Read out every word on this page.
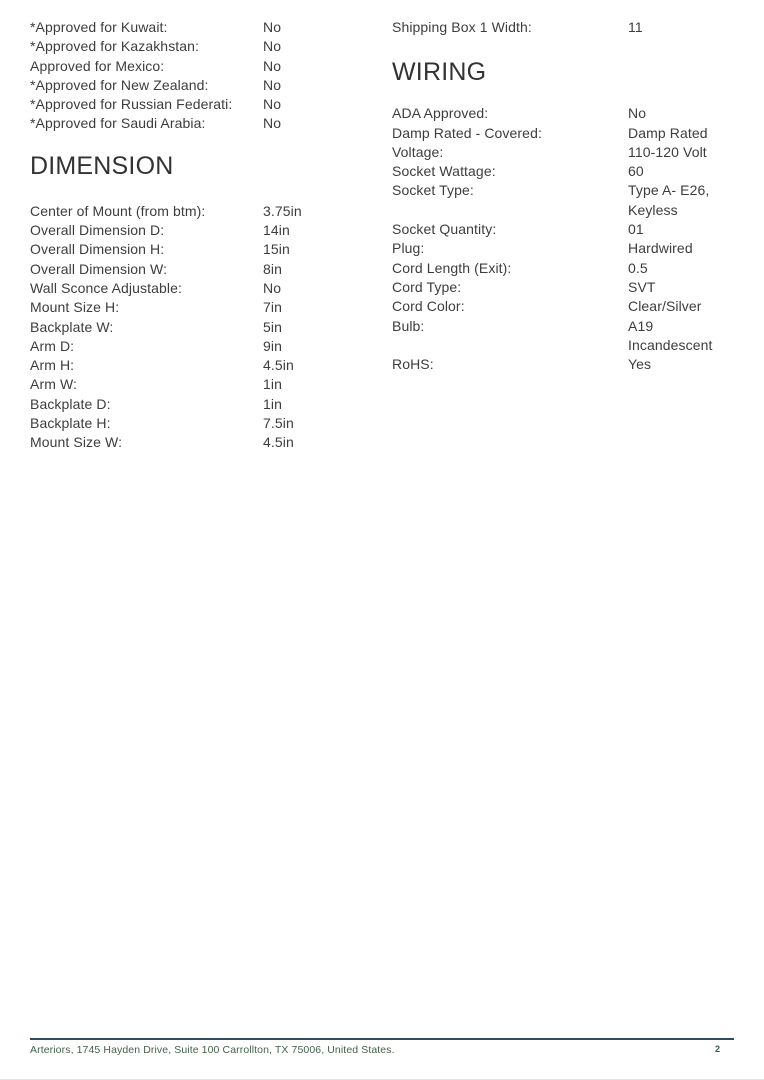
*Approved for Kuwait:	No
*Approved for Kazakhstan:	No
Approved for Mexico:	No
*Approved for New Zealand:	No
*Approved for Russian Federati:	No
*Approved for Saudi Arabia:	No
DIMENSION
Center of Mount (from btm):	3.75in
Overall Dimension D:	14in
Overall Dimension H:	15in
Overall Dimension W:	8in
Wall Sconce Adjustable:	No
Mount Size H:	7in
Backplate W:	5in
Arm D:	9in
Arm H:	4.5in
Arm W:	1in
Backplate D:	1in
Backplate H:	7.5in
Mount Size W:	4.5in
Shipping Box 1 Width:	11
WIRING
ADA Approved:	No
Damp Rated - Covered:	Damp Rated
Voltage:	110-120 Volt
Socket Wattage:	60
Socket Type:	Type A- E26,
Keyless
Socket Quantity:	01
Plug:	Hardwired
Cord Length (Exit):	0.5
Cord Type:	SVT
Cord Color:	Clear/Silver
Bulb:	A19
Incandescent
RoHS:	Yes
Arteriors, 1745 Hayden Drive, Suite 100 Carrollton, TX 75006, United States.	2
